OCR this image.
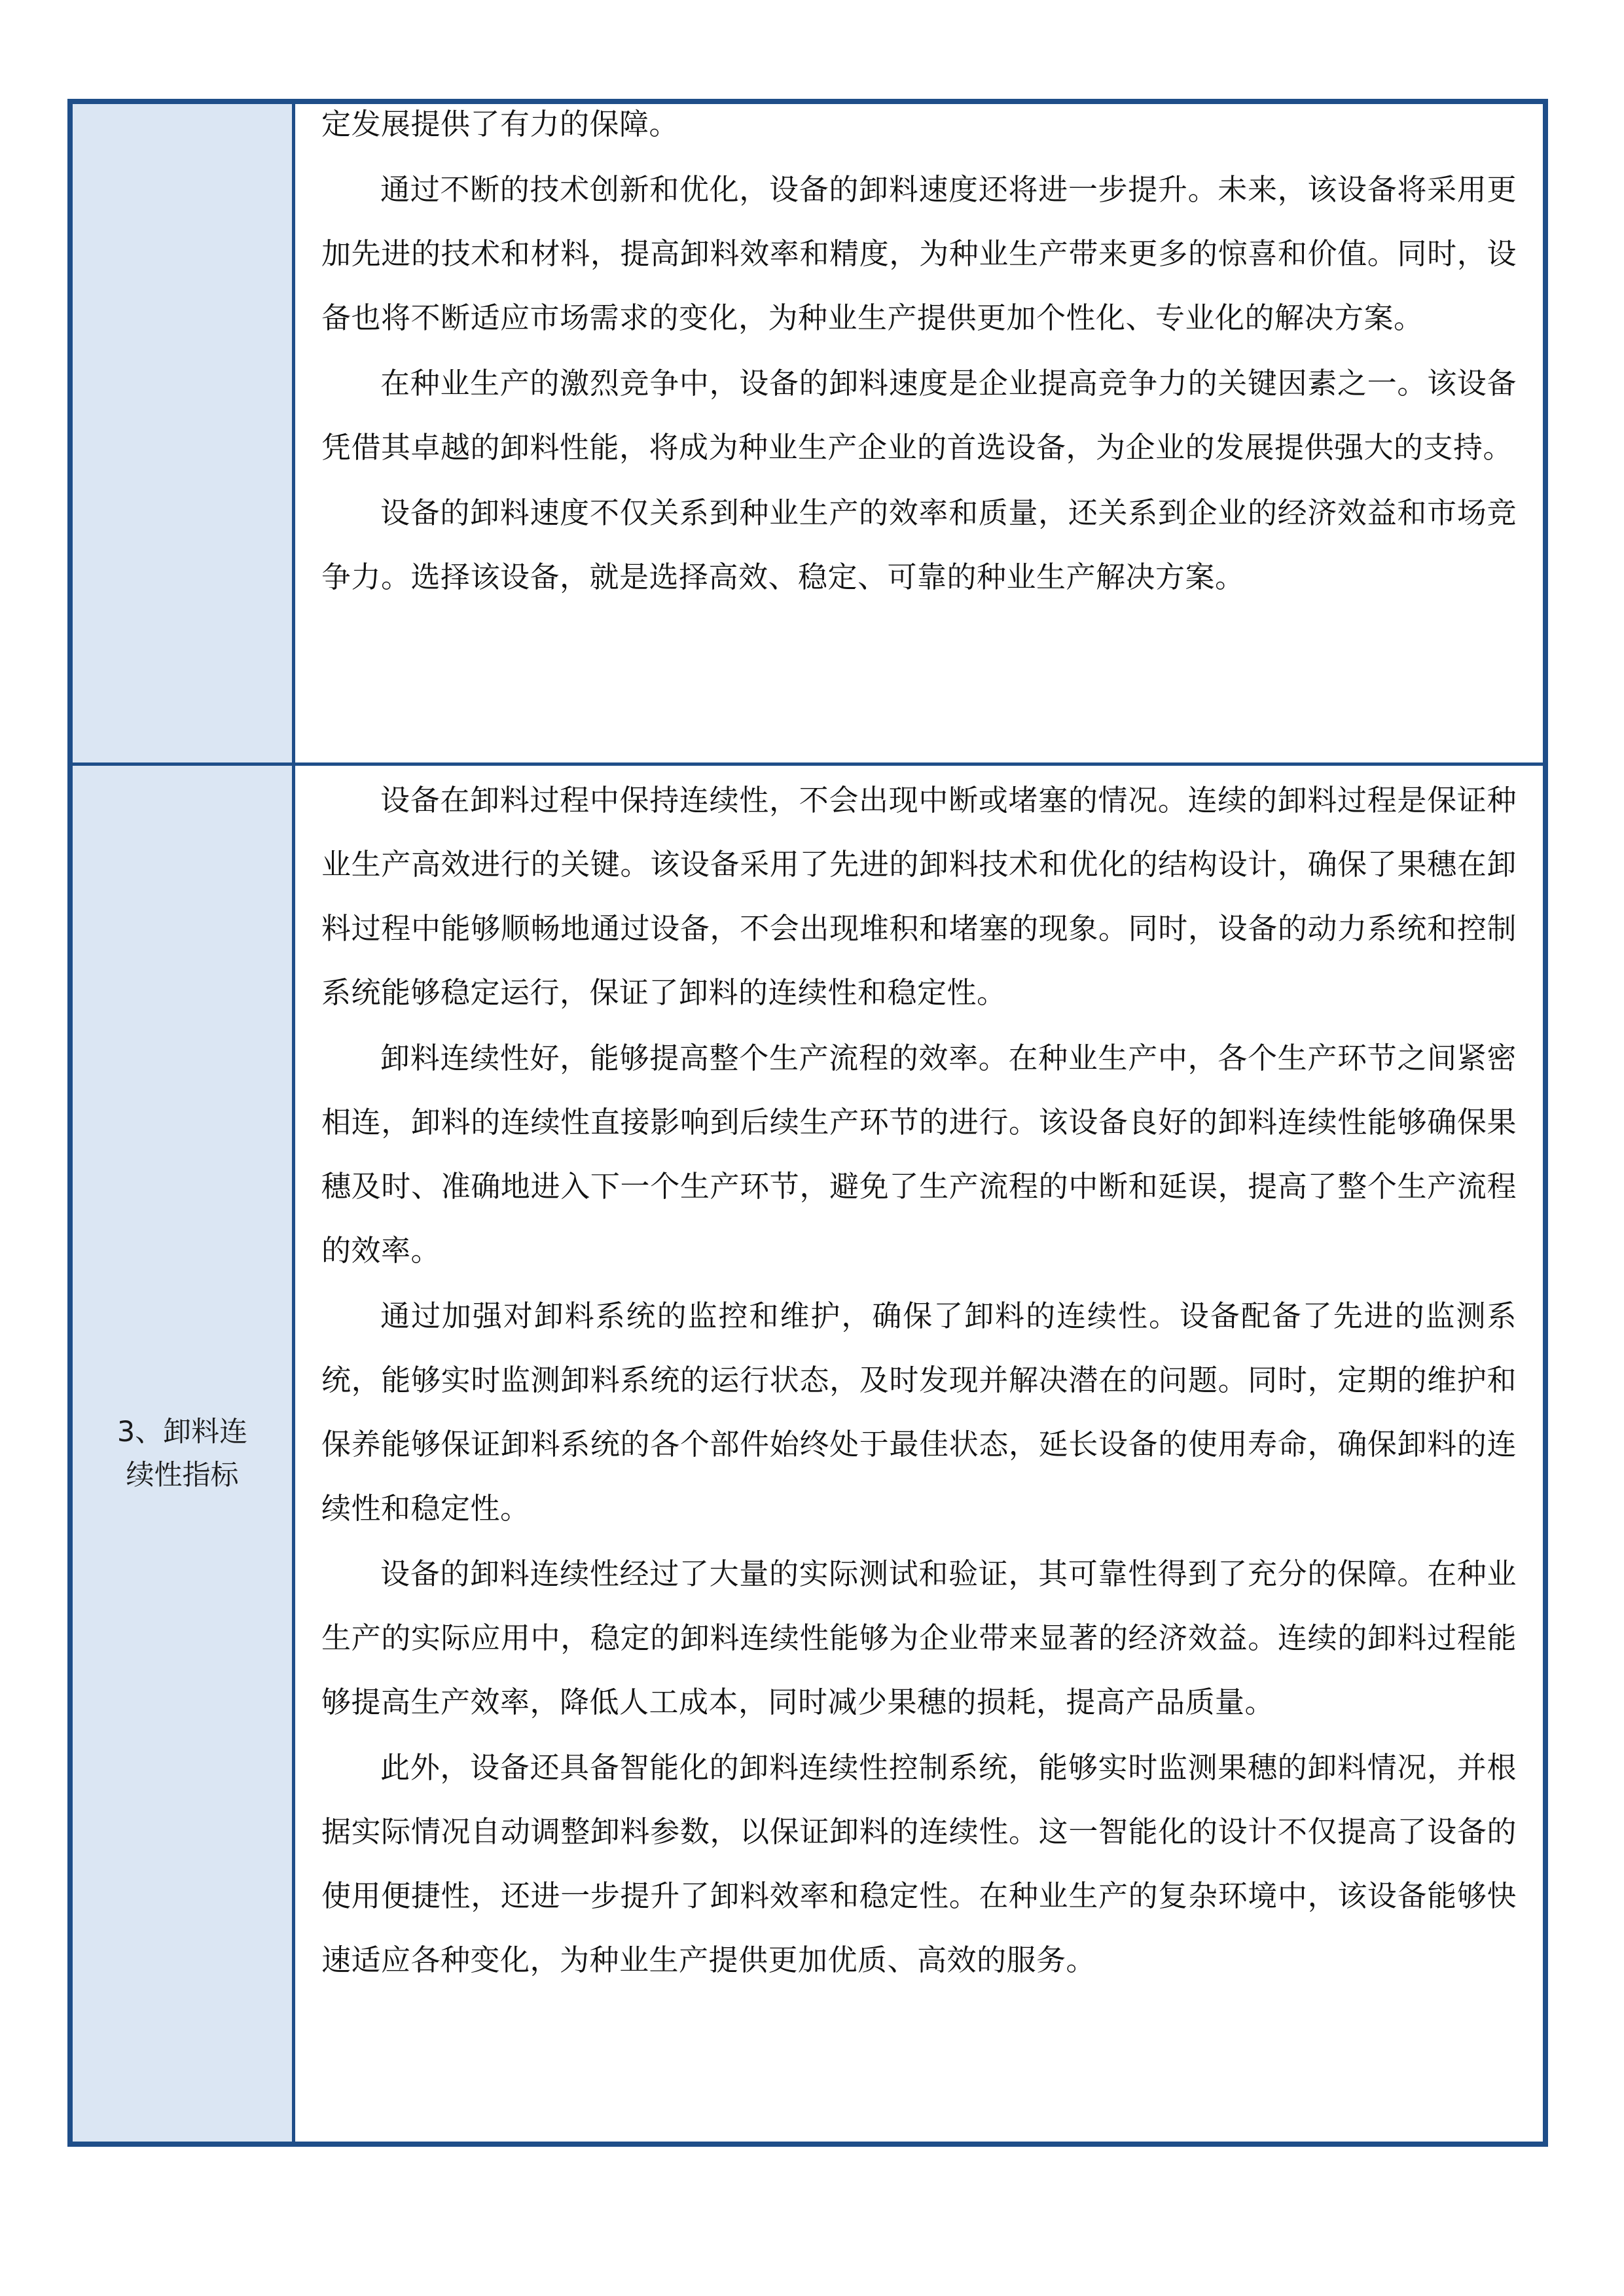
定发展提供了有力的保障。

通过不断的技术创新和优化，设备的卸料速度还将进一步提升。未来，该设备将采用更加先进的技术和材料，提高卸料效率和精度，为种业生产带来更多的惊喜和价值。同时，设备也将不断适应市场需求的变化，为种业生产提供更加个性化、专业化的解决方案。

在种业生产的激烈竞争中，设备的卸料速度是企业提高竞争力的关键因素之一。该设备凭借其卓越的卸料性能，将成为种业生产企业的首选设备，为企业的发展提供强大的支持。

设备的卸料速度不仅关系到种业生产的效率和质量，还关系到企业的经济效益和市场竞争力。选择该设备，就是选择高效、稳定、可靠的种业生产解决方案。

3、卸料连续性指标

设备在卸料过程中保持连续性，不会出现中断或堵塞的情况。连续的卸料过程是保证种业生产高效进行的关键。该设备采用了先进的卸料技术和优化的结构设计，确保了果穗在卸料过程中能够顺畅地通过设备，不会出现堆积和堵塞的现象。同时，设备的动力系统和控制系统能够稳定运行，保证了卸料的连续性和稳定性。

卸料连续性好，能够提高整个生产流程的效率。在种业生产中，各个生产环节之间紧密相连，卸料的连续性直接影响到后续生产环节的进行。该设备良好的卸料连续性能够确保果穗及时、准确地进入下一个生产环节，避免了生产流程的中断和延误，提高了整个生产流程的效率。

通过加强对卸料系统的监控和维护，确保了卸料的连续性。设备配备了先进的监测系统，能够实时监测卸料系统的运行状态，及时发现并解决潜在的问题。同时，定期的维护和保养能够保证卸料系统的各个部件始终处于最佳状态，延长设备的使用寿命，确保卸料的连续性和稳定性。

设备的卸料连续性经过了大量的实际测试和验证，其可靠性得到了充分的保障。在种业生产的实际应用中，稳定的卸料连续性能够为企业带来显著的经济效益。连续的卸料过程能够提高生产效率，降低人工成本，同时减少果穗的损耗，提高产品质量。

此外，设备还具备智能化的卸料连续性控制系统，能够实时监测果穗的卸料情况，并根据实际情况自动调整卸料参数，以保证卸料的连续性。这一智能化的设计不仅提高了设备的使用便捷性，还进一步提升了卸料效率和稳定性。在种业生产的复杂环境中，该设备能够快速适应各种变化，为种业生产提供更加优质、高效的服务。
